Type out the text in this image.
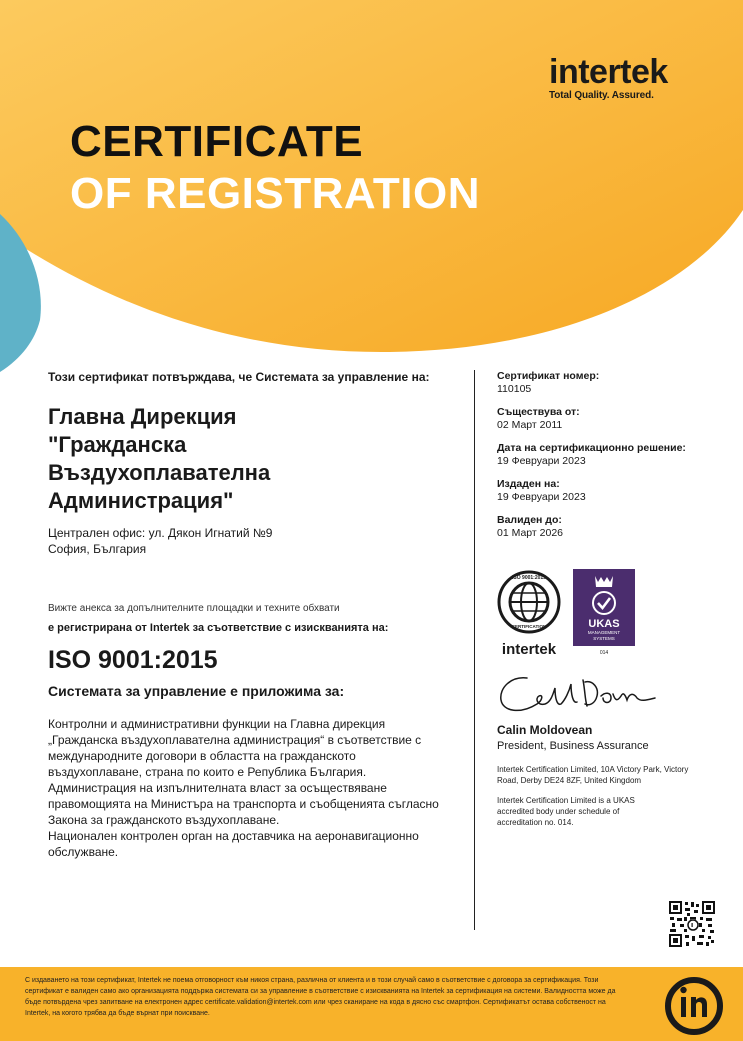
intertek
Total Quality. Assured.
CERTIFICATE
OF REGISTRATION
Този сертификат потвърждава, че Системата за управление на:
Главна Дирекция
"Гражданска
Въздухоплавателна
Администрация"
Централен офис: ул. Дякон Игнатий №9
София, България
Вижте анекса за допълнителните площадки и техните обхвати
е регистрирана от Intertek за съответствие с изискванията на:
ISO 9001:2015
Системата за управление е приложима за:
Контролни и административни функции на Главна дирекция „Гражданска въздухоплавателна администрация“ в съответствие с международните договори в областта на гражданското въздухоплаване, страна по които е Република България. Администрация на изпълнителната власт за осъществяване правомощията на Министъра на транспорта и съобщенията съгласно Закона за гражданското въздухоплаване.
Национален контролен орган на доставчика на аeронавигационно обслужване.
Сертификат номер:
110105
Съществува от:
02 Март 2011
Дата на сертификационно решение:
19 Февруари 2023
Издаден на:
19 Февруари 2023
Валиден до:
01 Март 2026
ISO 9001:2015
CERTIFICATION
intertek
UKAS
MANAGEMENT
SYSTEMS
014
Calin Moldovean
President, Business Assurance
Intertek Certification Limited, 10A Victory Park, Victory Road, Derby DE24 8ZF, United Kingdom
Intertek Certification Limited is a UKAS accredited body under schedule of accreditation no. 014.
С издаването на този сертификат, Intertek не поема отговорност към никоя страна, различна от клиента и в този случай само в съответствие с договора за сертификация. Този сертификат е валиден само ако организацията поддържа системата си за управление в съответствие с изискванията на Intertek за сертификация на системи. Валидността може да бъде потвърдена чрез запитване на електронен адрес certificate.validation@intertek.com или чрез сканиране на кода в дясно със смартфон. Сертификатът остава собственост на Intertek, на когото трябва да бъде върнат при поискване.
